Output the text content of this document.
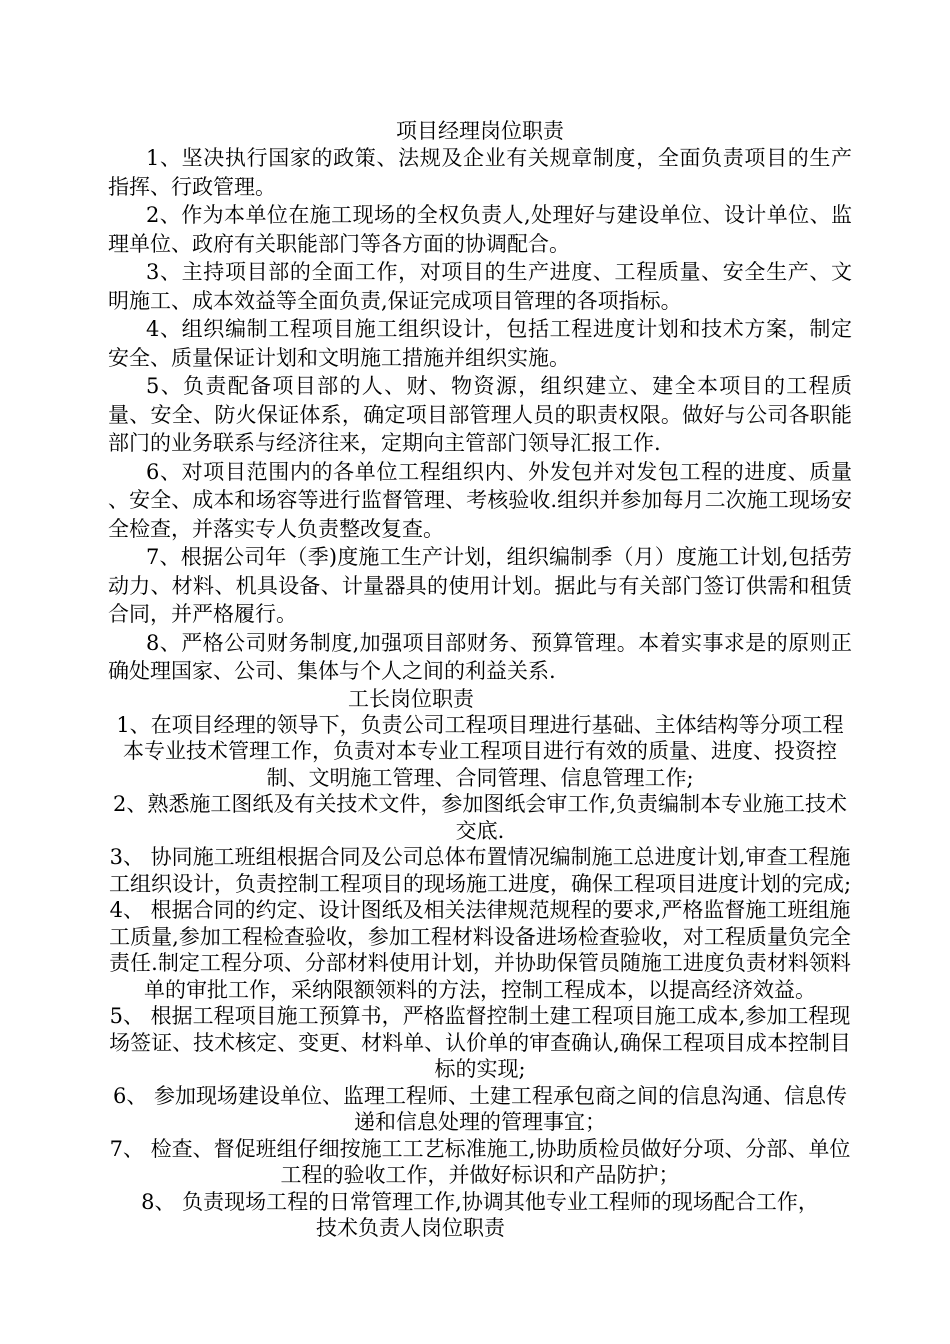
项目经理岗位职责

1、坚决执行国家的政策、法规及企业有关规章制度，全面负责项目的生产指挥、行政管理。

2、作为本单位在施工现场的全权负责人,处理好与建设单位、设计单位、监理单位、政府有关职能部门等各方面的协调配合。

3、主持项目部的全面工作，对项目的生产进度、工程质量、安全生产、文明施工、成本效益等全面负责,保证完成项目管理的各项指标。

4、组织编制工程项目施工组织设计，包括工程进度计划和技术方案，制定安全、质量保证计划和文明施工措施并组织实施。

5、负责配备项目部的人、财、物资源，组织建立、建全本项目的工程质量、安全、防火保证体系，确定项目部管理人员的职责权限。做好与公司各职能部门的业务联系与经济往来，定期向主管部门领导汇报工作.

6、对项目范围内的各单位工程组织内、外发包并对发包工程的进度、质量 、安全、成本和场容等进行监督管理、考核验收.组织并参加每月二次施工现场安全检查，并落实专人负责整改复查。

7、根据公司年（季)度施工生产计划，组织编制季（月）度施工计划,包括劳动力、材料、机具设备、计量器具的使用计划。据此与有关部门签订供需和租赁合同，并严格履行。

8、严格公司财务制度,加强项目部财务、预算管理。本着实事求是的原则正确处理国家、公司、集体与个人之间的利益关系.

工长岗位职责

1、在项目经理的领导下，负责公司工程项目理进行基础、主体结构等分项工程本专业技术管理工作，负责对本专业工程项目进行有效的质量、进度、投资控制、文明施工管理、合同管理、信息管理工作;

2、熟悉施工图纸及有关技术文件，参加图纸会审工作,负责编制本专业施工技术交底.

3、 协同施工班组根据合同及公司总体布置情况编制施工总进度计划,审查工程施工组织设计，负责控制工程项目的现场施工进度，确保工程项目进度计划的完成;

4、 根据合同的约定、设计图纸及相关法律规范规程的要求,严格监督施工班组施工质量,参加工程检查验收，参加工程材料设备进场检查验收，对工程质量负完全责任.制定工程分项、分部材料使用计划，并协助保管员随施工进度负责材料领料单的审批工作，采纳限额领料的方法，控制工程成本，以提高经济效益。

5、 根据工程项目施工预算书，严格监督控制土建工程项目施工成本,参加工程现场签证、技术核定、变更、材料单、认价单的审查确认,确保工程项目成本控制目标的实现;

6、 参加现场建设单位、监理工程师、土建工程承包商之间的信息沟通、信息传递和信息处理的管理事宜；

7、 检查、督促班组仔细按施工工艺标准施工,协助质检员做好分项、分部、单位工程的验收工作，并做好标识和产品防护；

8、 负责现场工程的日常管理工作,协调其他专业工程师的现场配合工作，

技术负责人岗位职责
